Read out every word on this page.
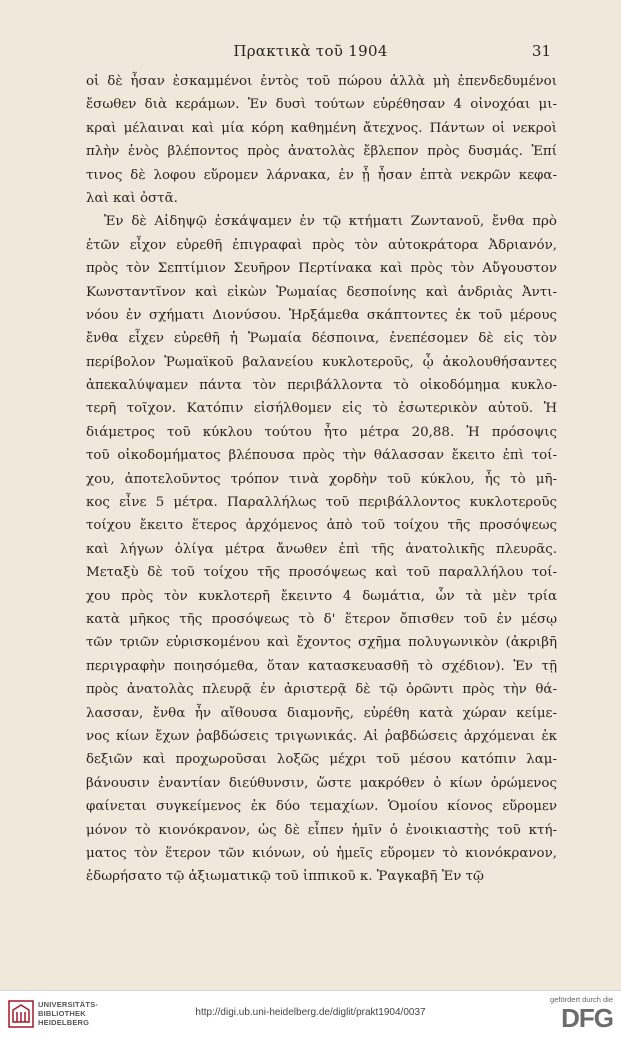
Πρακτικὰ τοῦ 1904	31
οἱ δὲ ἦσαν ἐσκαμμένοι ἐντὸς τοῦ πώρου ἀλλὰ μὴ ἐπενδεδυμένοι
ἔσωθεν διὰ κεράμων. Ἐν δυσὶ τούτων εὑρέθησαν 4 οἰνοχόαι μι-
κραὶ μέλαιναι καὶ μία κόρη καθημένη ἄτεχνος. Πάντων οἱ νεκροὶ
πλὴν ἑνὸς βλέποντος πρὸς ἀνατολὰς ἔβλεπον πρὸς δυσμάς. Ἐπί
τινος δὲ λοφου εὕρομεν λάρνακα, ἐν ᾗ ἦσαν ἑπτὰ νεκρῶν κεφα-
λαὶ καὶ ὀστᾶ.
Ἐν δὲ Αἰδηψῷ ἐσκάψαμεν ἐν τῷ κτήματι Ζωντανοῦ, ἔνθα πρὸ
ἐτῶν εἶχον εὑρεθῆ ἐπιγραφαὶ πρὸς τὸν αὐτοκράτορα Ἀδριανόν,
πρὸς τὸν Σεπτίμιον Σευῆρον Περτίνακα καὶ πρὸς τὸν Αὔγουστον
Κωνσταντῖνον καὶ εἰκὼν Ῥωμαίας δεσποίνης καὶ ἀνδριὰς Ἀντι-
νόου ἐν σχήματι Διονύσου. Ἠρξάμεθα σκάπτοντες ἐκ τοῦ μέρους
ἔνθα εἶχεν εὑρεθῆ ἡ Ῥωμαία δέσποινα, ἐνεπέσομεν δὲ εἰς τὸν
περίβολον Ῥωμαϊκοῦ βαλανείου κυκλοτεροῦς, ᾧ ἀκολουθήσαντες
ἀπεκαλύψαμεν πάντα τὸν περιβάλλοντα τὸ οἰκοδόμημα κυκλο-
τερῆ τοῖχον. Κατόπιν εἰσήλθομεν εἰς τὸ ἐσωτερικὸν αὐτοῦ. Ἡ
διάμετρος τοῦ κύκλου τούτου ἦτο μέτρα 20,88. Ἡ πρόσοψις
τοῦ οἰκοδομήματος βλέπουσα πρὸς τὴν θάλασσαν ἔκειτο ἐπὶ τοί-
χου, ἀποτελοῦντος τρόπον τινὰ χορδὴν τοῦ κύκλου, ἧς τὸ μῆ-
κος εἶνε 5 μέτρα. Παραλλήλως τοῦ περιβάλλοντος κυκλοτεροῦς
τοίχου ἔκειτο ἕτερος ἀρχόμενος ἀπὸ τοῦ τοίχου τῆς προσόψεως
καὶ λήγων ὀλίγα μέτρα ἄνωθεν ἐπὶ τῆς ἀνατολικῆς πλευρᾶς.
Μεταξὺ δὲ τοῦ τοίχου τῆς προσόψεως καὶ τοῦ παραλλήλου τοί-
χου πρὸς τὸν κυκλοτερῆ ἔκειντο 4 δωμάτια, ὧν τὰ μὲν τρία
κατὰ μῆκος τῆς προσόψεως τὸ δ' ἕτερον ὄπισθεν τοῦ ἐν μέσῳ
τῶν τριῶν εὑρισκομένου καὶ ἔχοντος σχῆμα πολυγωνικὸν (ἀκριβῆ
περιγραφὴν ποιησόμεθα, ὅταν κατασκευασθῆ τὸ σχέδιον). Ἐν τῇ
πρὸς ἀνατολὰς πλευρᾷ ἐν ἀριστερᾷ δὲ τῷ ὁρῶντι πρὸς τὴν θά-
λασσαν, ἔνθα ἦν αἴθουσα διαμονῆς, εὑρέθη κατὰ χώραν κείμε-
νος κίων ἔχων ῥαβδώσεις τριγωνικάς. Αἱ ῥαβδώσεις ἀρχόμεναι ἐκ
δεξιῶν καὶ προχωροῦσαι λοξῶς μέχρι τοῦ μέσου κατόπιν λαμ-
βάνουσιν ἐναντίαν διεύθυνσιν, ὥστε μακρόθεν ὁ κίων ὁρώμενος
φαίνεται συγκείμενος ἐκ δύο τεμαχίων. Ὁμοίου κίονος εὕρομεν
μόνον τὸ κιονόκρανον, ὡς δὲ εἶπεν ἡμῖν ὁ ἐνοικιαστὴς τοῦ κτή-
ματος τὸν ἕτερον τῶν κιόνων, οὐ ἡμεῖς εὕρομεν τὸ κιονόκρανον,
ἐδωρήσατο τῷ ἀξιωματικῷ τοῦ ἱππικοῦ κ. Ῥαγκαβῆ Ἐν τῷ
UNIVERSITÄTS-
BIBLIOTHEK
HEIDELBERG
http://digi.ub.uni-heidelberg.de/diglit/prakt1904/0037
gefördert durch die
DFG
